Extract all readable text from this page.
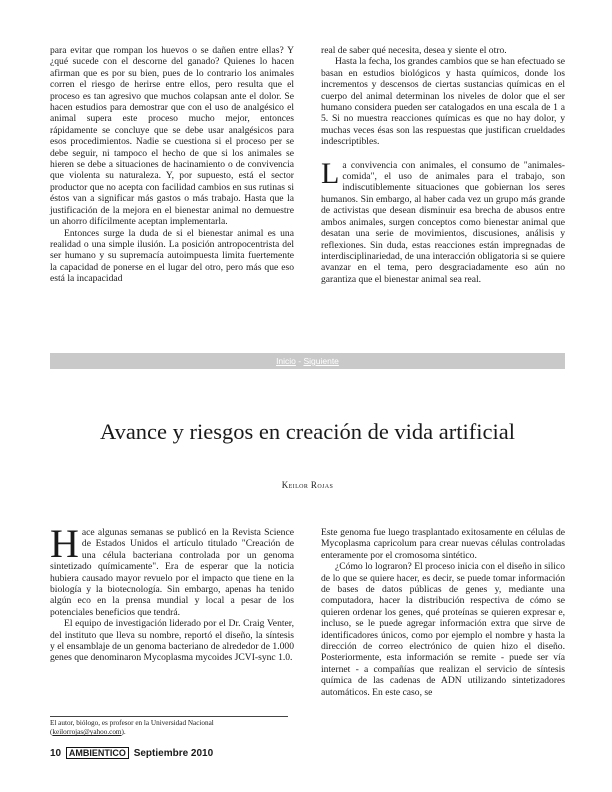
para evitar que rompan los huevos o se dañen entre ellas? Y ¿qué sucede con el descorne del ganado? Quienes lo hacen afirman que es por su bien, pues de lo contrario los animales corren el riesgo de herirse entre ellos, pero resulta que el proceso es tan agresivo que muchos colapsan ante el dolor. Se hacen estudios para demostrar que con el uso de analgésico el animal supera este proceso mucho mejor, entonces rápidamente se concluye que se debe usar analgésicos para esos procedimientos. Nadie se cuestiona si el proceso per se debe seguir, ni tampoco el hecho de que si los animales se hieren se debe a situaciones de hacinamiento o de convivencia que violenta su naturaleza. Y, por supuesto, está el sector productor que no acepta con facilidad cambios en sus rutinas si éstos van a significar más gastos o más trabajo. Hasta que la justificación de la mejora en el bienestar animal no demuestre un ahorro difícilmente aceptan implementarla.

Entonces surge la duda de si el bienestar animal es una realidad o una simple ilusión. La posición antropocentrista del ser humano y su supremacía autoimpuesta limita fuertemente la capacidad de ponerse en el lugar del otro, pero más que eso está la incapacidad

real de saber qué necesita, desea y siente el otro.

Hasta la fecha, los grandes cambios que se han efectuado se basan en estudios biológicos y hasta químicos, donde los incrementos y descensos de ciertas sustancias químicas en el cuerpo del animal determinan los niveles de dolor que el ser humano considera pueden ser catalogados en una escala de 1 a 5. Si no muestra reacciones químicas es que no hay dolor, y muchas veces ésas son las respuestas que justifican crueldades indescriptibles.

La convivencia con animales, el consumo de "animales-comida", el uso de animales para el trabajo, son indiscutiblemente situaciones que gobiernan los seres humanos. Sin embargo, al haber cada vez un grupo más grande de activistas que desean disminuir esa brecha de abusos entre ambos animales, surgen conceptos como bienestar animal que desatan una serie de movimientos, discusiones, análisis y reflexiones. Sin duda, estas reacciones están impregnadas de interdisciplinariedad, de una interacción obligatoria si se quiere avanzar en el tema, pero desgraciadamente eso aún no garantiza que el bienestar animal sea real.

Inicio - Siguiente
Avance y riesgos en creación de vida artificial
Keilor Rojas

Hace algunas semanas se publicó en la Revista Science de Estados Unidos el artículo titulado "Creación de una célula bacteriana controlada por un genoma sintetizado químicamente". Era de esperar que la noticia hubiera causado mayor revuelo por el impacto que tiene en la biología y la biotecnología. Sin embargo, apenas ha tenido algún eco en la prensa mundial y local a pesar de los potenciales beneficios que tendrá.

El equipo de investigación liderado por el Dr. Craig Venter, del instituto que lleva su nombre, reportó el diseño, la síntesis y el ensamblaje de un genoma bacteriano de alrededor de 1.000 genes que denominaron Mycoplasma mycoides JCVI-sync 1.0.

Este genoma fue luego trasplantado exitosamente en células de Mycoplasma capricolum para crear nuevas células controladas enteramente por el cromosoma sintético.

¿Cómo lo lograron? El proceso inicia con el diseño in silico de lo que se quiere hacer, es decir, se puede tomar información de bases de datos públicas de genes y, mediante una computadora, hacer la distribución respectiva de cómo se quieren ordenar los genes, qué proteínas se quieren expresar e, incluso, se le puede agregar información extra que sirve de identificadores únicos, como por ejemplo el nombre y hasta la dirección de correo electrónico de quien hizo el diseño. Posteriormente, esta información se remite - puede ser vía internet - a compañías que realizan el servicio de síntesis química de las cadenas de ADN utilizando sintetizadores automáticos. En este caso, se

El autor, biólogo, es profesor en la Universidad Nacional
(keilorrojas@yahoo.com).
10 AMBIENTICO Septiembre 2010
